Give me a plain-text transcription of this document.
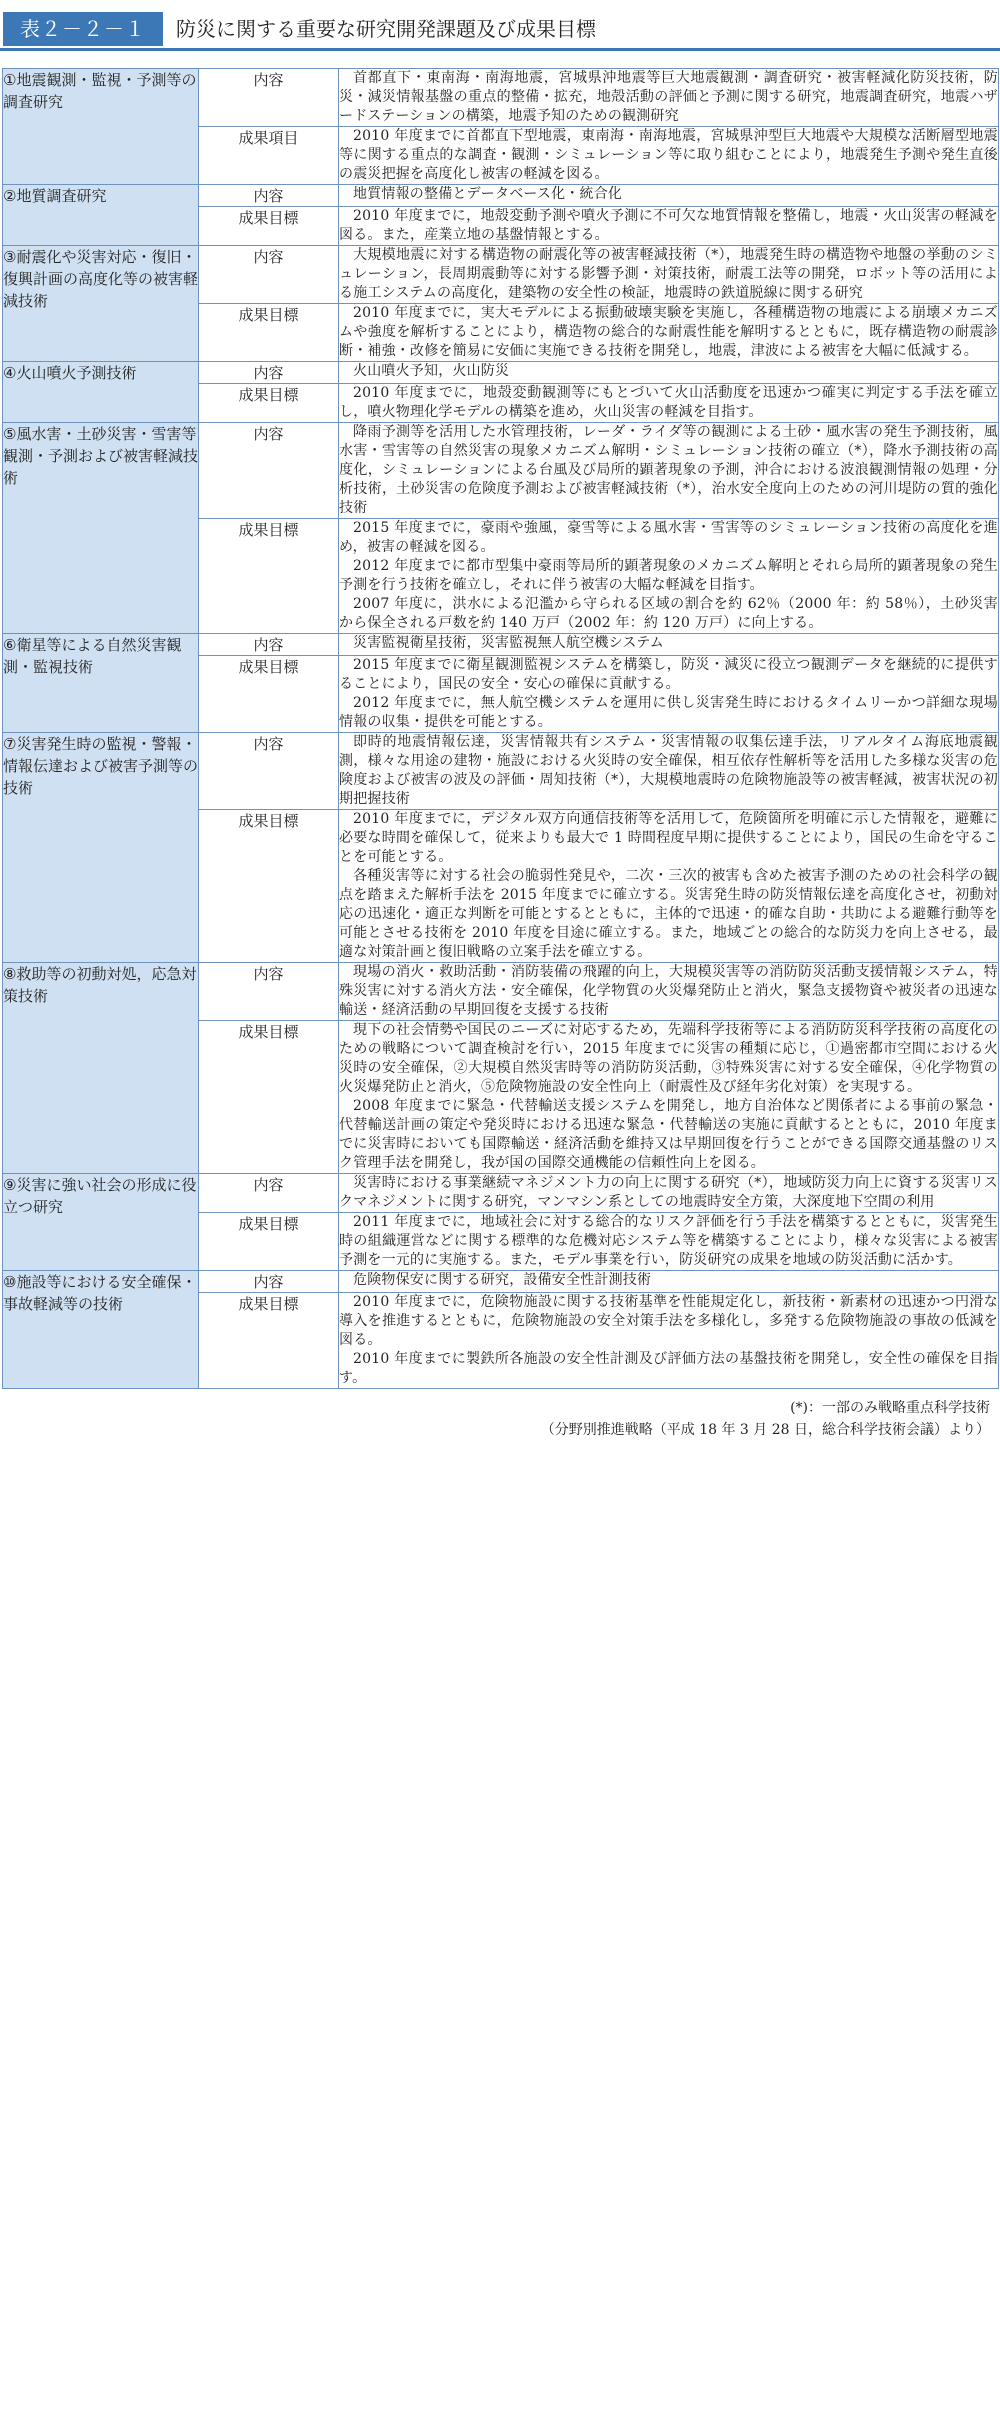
表２－２－１	防災に関する重要な研究開発課題及び成果目標
①地震観測・監視・予測等の調査研究	内容	首都直下・東南海・南海地震，宮城県沖地震等巨大地震観測・調査研究・被害軽減化防災技術，防災・減災情報基盤の重点的整備・拡充，地殻活動の評価と予測に関する研究，地震調査研究，地震ハザードステーションの構築，地震予知のための観測研究

	成果項目	2010 年度までに首都直下型地震，東南海・南海地震，宮城県沖型巨大地震や大規模な活断層型地震等に関する重点的な調査・観測・シミュレーション等に取り組むことにより，地震発生予測や発生直後の震災把握を高度化し被害の軽減を図る。

②地質調査研究	内容	地質情報の整備とデータベース化・統合化

	成果目標	2010 年度までに，地殻変動予測や噴火予測に不可欠な地質情報を整備し，地震・火山災害の軽減を図る。また，産業立地の基盤情報とする。

③耐震化や災害対応・復旧・復興計画の高度化等の被害軽減技術	内容	大規模地震に対する構造物の耐震化等の被害軽減技術（*），地震発生時の構造物や地盤の挙動のシミュレーション，長周期震動等に対する影響予測・対策技術，耐震工法等の開発，ロボット等の活用による施工システムの高度化，建築物の安全性の検証，地震時の鉄道脱線に関する研究

	成果目標	2010 年度までに，実大モデルによる振動破壊実験を実施し，各種構造物の地震による崩壊メカニズムや強度を解析することにより，構造物の総合的な耐震性能を解明するとともに，既存構造物の耐震診断・補強・改修を簡易に安価に実施できる技術を開発し，地震，津波による被害を大幅に低減する。

④火山噴火予測技術	内容	火山噴火予知，火山防災

	成果目標	2010 年度までに，地殻変動観測等にもとづいて火山活動度を迅速かつ確実に判定する手法を確立し，噴火物理化学モデルの構築を進め，火山災害の軽減を目指す。

⑤風水害・土砂災害・雪害等観測・予測および被害軽減技術	内容	降雨予測等を活用した水管理技術，レーダ・ライダ等の観測による土砂・風水害の発生予測技術，風水害・雪害等の自然災害の現象メカニズム解明・シミュレーション技術の確立（*），降水予測技術の高度化，シミュレーションによる台風及び局所的顕著現象の予測，沖合における波浪観測情報の処理・分析技術，土砂災害の危険度予測および被害軽減技術（*），治水安全度向上のための河川堤防の質的強化技術

	成果目標	2015 年度までに，豪雨や強風，豪雪等による風水害・雪害等のシミュレーション技術の高度化を進め，被害の軽減を図る。

2012 年度までに都市型集中豪雨等局所的顕著現象のメカニズム解明とそれら局所的顕著現象の発生予測を行う技術を確立し，それに伴う被害の大幅な軽減を目指す。

2007 年度に，洪水による氾濫から守られる区域の割合を約 62％（2000 年：約 58％），土砂災害から保全される戸数を約 140 万戸（2002 年：約 120 万戸）に向上する。

⑥衛星等による自然災害観測・監視技術	内容	災害監視衛星技術，災害監視無人航空機システム

	成果目標	2015 年度までに衛星観測監視システムを構築し，防災・減災に役立つ観測データを継続的に提供することにより，国民の安全・安心の確保に貢献する。

2012 年度までに，無人航空機システムを運用に供し災害発生時におけるタイムリーかつ詳細な現場情報の収集・提供を可能とする。

⑦災害発生時の監視・警報・情報伝達および被害予測等の技術	内容	即時的地震情報伝達，災害情報共有システム・災害情報の収集伝達手法，リアルタイム海底地震観測，様々な用途の建物・施設における火災時の安全確保，相互依存性解析等を活用した多様な災害の危険度および被害の波及の評価・周知技術（*），大規模地震時の危険物施設等の被害軽減，被害状況の初期把握技術

	成果目標	2010 年度までに，デジタル双方向通信技術等を活用して，危険箇所を明確に示した情報を，避難に必要な時間を確保して，従来よりも最大で 1 時間程度早期に提供することにより，国民の生命を守ることを可能とする。

各種災害等に対する社会の脆弱性発見や，二次・三次的被害も含めた被害予測のための社会科学の観点を踏まえた解析手法を 2015 年度までに確立する。災害発生時の防災情報伝達を高度化させ，初動対応の迅速化・適正な判断を可能とするとともに，主体的で迅速・的確な自助・共助による避難行動等を可能とさせる技術を 2010 年度を目途に確立する。また，地域ごとの総合的な防災力を向上させる，最適な対策計画と復旧戦略の立案手法を確立する。

⑧救助等の初動対処，応急対策技術	内容	現場の消火・救助活動・消防装備の飛躍的向上，大規模災害等の消防防災活動支援情報システム，特殊災害に対する消火方法・安全確保，化学物質の火災爆発防止と消火，緊急支援物資や被災者の迅速な輸送・経済活動の早期回復を支援する技術

	成果目標	現下の社会情勢や国民のニーズに対応するため，先端科学技術等による消防防災科学技術の高度化のための戦略について調査検討を行い，2015 年度までに災害の種類に応じ，①過密都市空間における火災時の安全確保，②大規模自然災害時等の消防防災活動，③特殊災害に対する安全確保，④化学物質の火災爆発防止と消火，⑤危険物施設の安全性向上（耐震性及び経年劣化対策）を実現する。

2008 年度までに緊急・代替輸送支援システムを開発し，地方自治体など関係者による事前の緊急・代替輸送計画の策定や発災時における迅速な緊急・代替輸送の実施に貢献するとともに，2010 年度までに災害時においても国際輸送・経済活動を維持又は早期回復を行うことができる国際交通基盤のリスク管理手法を開発し，我が国の国際交通機能の信頼性向上を図る。

⑨災害に強い社会の形成に役立つ研究	内容	災害時における事業継続マネジメント力の向上に関する研究（*），地域防災力向上に資する災害リスクマネジメントに関する研究，マンマシン系としての地震時安全方策，大深度地下空間の利用

	成果目標	2011 年度までに，地域社会に対する総合的なリスク評価を行う手法を構築するとともに，災害発生時の組織運営などに関する標準的な危機対応システム等を構築することにより，様々な災害による被害予測を一元的に実施する。また，モデル事業を行い，防災研究の成果を地域の防災活動に活かす。

⑩施設等における安全確保・事故軽減等の技術	内容	危険物保安に関する研究，設備安全性計測技術

	成果目標	2010 年度までに，危険物施設に関する技術基準を性能規定化し，新技術・新素材の迅速かつ円滑な導入を推進するとともに，危険物施設の安全対策手法を多様化し，多発する危険物施設の事故の低減を図る。

2010 年度までに製鉄所各施設の安全性計測及び評価方法の基盤技術を開発し，安全性の確保を目指す。

(*)：一部のみ戦略重点科学技術
（分野別推進戦略（平成 18 年 3 月 28 日，総合科学技術会議）より）
